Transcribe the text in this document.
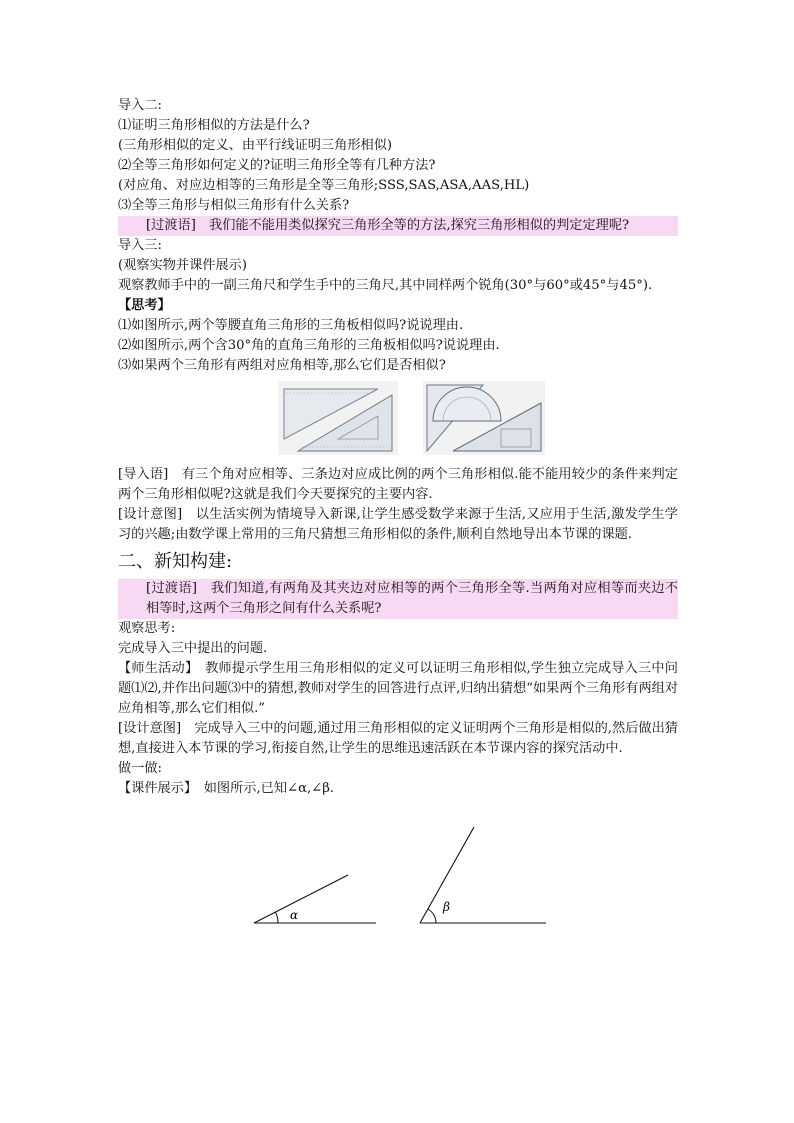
导入二:
⑴证明三角形相似的方法是什么?
(三角形相似的定义、由平行线证明三角形相似)
⑵全等三角形如何定义的?证明三角形全等有几种方法?
(对应角、对应边相等的三角形是全等三角形;SSS,SAS,ASA,AAS,HL)
⑶全等三角形与相似三角形有什么关系?
[过渡语]　我们能不能用类似探究三角形全等的方法,探究三角形相似的判定定理呢?
导入三:
(观察实物并课件展示)
观察教师手中的一副三角尺和学生手中的三角尺,其中同样两个锐角(30°与60°或45°与45°).
【思考】
⑴如图所示,两个等腰直角三角形的三角板相似吗?说说理由.
⑵如图所示,两个含30°角的直角三角形的三角板相似吗?说说理由.
⑶如果两个三角形有两组对应角相等,那么它们是否相似?
[导入语]　有三个角对应相等、三条边对应成比例的两个三角形相似.能不能用较少的条件来判定两个三角形相似呢?这就是我们今天要探究的主要内容.
[设计意图]　以生活实例为情境导入新课,让学生感受数学来源于生活,又应用于生活,激发学生学习的兴趣;由数学课上常用的三角尺猜想三角形相似的条件,顺利自然地导出本节课的课题.
二、新知构建:
[过渡语]　我们知道,有两角及其夹边对应相等的两个三角形全等.当两角对应相等而夹边不相等时,这两个三角形之间有什么关系呢?
观察思考:
完成导入三中提出的问题.
【师生活动】　教师提示学生用三角形相似的定义可以证明三角形相似,学生独立完成导入三中问题⑴⑵,并作出问题⑶中的猜想,教师对学生的回答进行点评,归纳出猜想“如果两个三角形有两组对应角相等,那么它们相似.”
[设计意图]　完成导入三中的问题,通过用三角形相似的定义证明两个三角形是相似的,然后做出猜想,直接进入本节课的学习,衔接自然,让学生的思维迅速活跃在本节课内容的探究活动中.
做一做:
【课件展示】　如图所示,已知∠α,∠β.
α
β
